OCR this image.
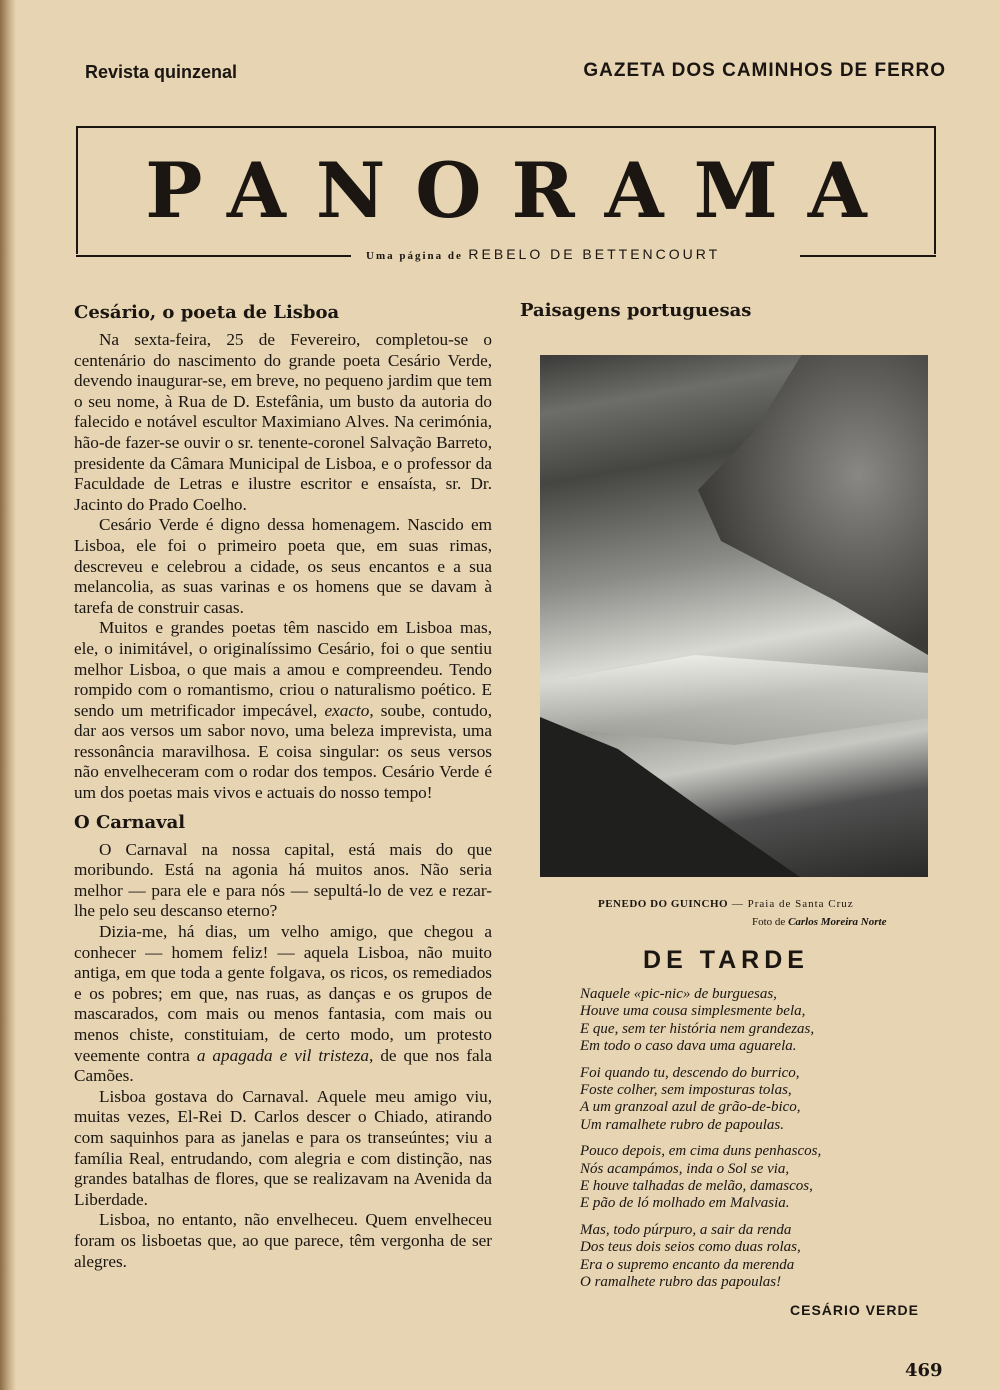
Revista quinzenal	GAZETA DOS CAMINHOS DE FERRO
PANORAMA
Uma página de REBELO DE BETTENCOURT
Cesário, o poeta de Lisboa

Na sexta-feira, 25 de Fevereiro, completou-se o centenário do nascimento do grande poeta Cesário Verde, devendo inaugurar-se, em breve, no pequeno jardim que tem o seu nome, à Rua de D. Estefânia, um busto da autoria do falecido e notável escultor Maximiano Alves. Na cerimónia, hão-de fazer-se ouvir o sr. tenente-coronel Salvação Barreto, presidente da Câmara Municipal de Lisboa, e o professor da Faculdade de Letras e ilustre escritor e ensaísta, sr. Dr. Jacinto do Prado Coelho.

Cesário Verde é digno dessa homenagem. Nascido em Lisboa, ele foi o primeiro poeta que, em suas rimas, descreveu e celebrou a cidade, os seus encantos e a sua melancolia, as suas varinas e os homens que se davam à tarefa de construir casas.

Muitos e grandes poetas têm nascido em Lisboa mas, ele, o inimitável, o originalíssimo Cesário, foi o que sentiu melhor Lisboa, o que mais a amou e compreendeu. Tendo rompido com o romantismo, criou o naturalismo poético. E sendo um metrificador impecável, exacto, soube, contudo, dar aos versos um sabor novo, uma beleza imprevista, uma ressonância maravilhosa. E coisa singular: os seus versos não envelheceram com o rodar dos tempos. Cesário Verde é um dos poetas mais vivos e actuais do nosso tempo!

O Carnaval

O Carnaval na nossa capital, está mais do que moribundo. Está na agonia há muitos anos. Não seria melhor — para ele e para nós — sepultá-lo de vez e rezar-lhe pelo seu descanso eterno?

Dizia-me, há dias, um velho amigo, que chegou a conhecer — homem feliz! — aquela Lisboa, não muito antiga, em que toda a gente folgava, os ricos, os remediados e os pobres; em que, nas ruas, as danças e os grupos de mascarados, com mais ou menos fantasia, com mais ou menos chiste, constituiam, de certo modo, um protesto veemente contra a apagada e vil tristeza, de que nos fala Camões.

Lisboa gostava do Carnaval. Aquele meu amigo viu, muitas vezes, El-Rei D. Carlos descer o Chiado, atirando com saquinhos para as janelas e para os transeúntes; viu a família Real, entrudando, com alegria e com distinção, nas grandes batalhas de flores, que se realizavam na Avenida da Liberdade.

Lisboa, no entanto, não envelheceu. Quem envelheceu foram os lisboetas que, ao que parece, têm vergonha de ser alegres.

Paisagens portuguesas
PENEDO DO GUINCHO — Praia de Santa Cruz
Foto de Carlos Moreira Norte
DE TARDE
Naquele «pic-nic» de burguesas,
Houve uma cousa simplesmente bela,
E que, sem ter história nem grandezas,
Em todo o caso dava uma aguarela.
Foi quando tu, descendo do burrico,
Foste colher, sem imposturas tolas,
A um granzoal azul de grão-de-bico,
Um ramalhete rubro de papoulas.
Pouco depois, em cima duns penhascos,
Nós acampámos, inda o Sol se via,
E houve talhadas de melão, damascos,
E pão de ló molhado em Malvasia.
Mas, todo púrpuro, a sair da renda
Dos teus dois seios como duas rolas,
Era o supremo encanto da merenda
O ramalhete rubro das papoulas!
CESÁRIO VERDE
469
